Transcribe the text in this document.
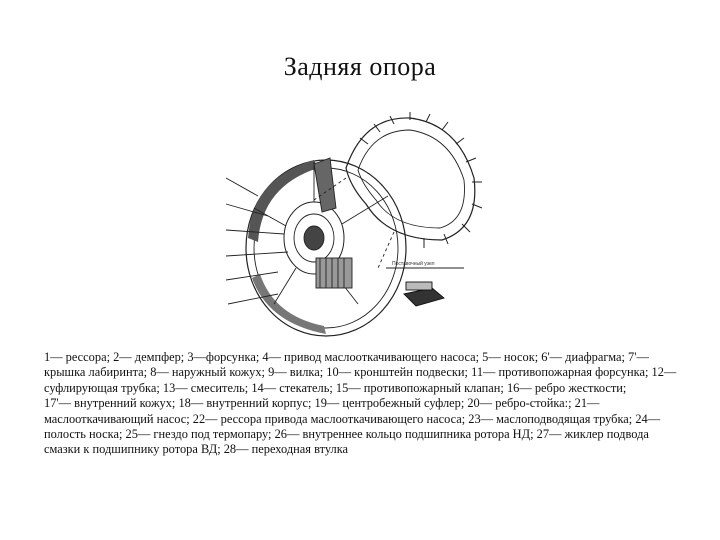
Задняя опора
Поставочный узел

1— рессора; 2— демпфер; 3—форсунка; 4— привод маслооткачивающего насоса; 5— носок; 6'— диафрагма; 7'— крышка лабиринта; 8— наружный кожух; 9— вилка; 10— кронштейн подвески; 11— противопожарная форсунка; 12— суфлирующая трубка; 13— смеситель; 14— стекатель; 15— противопожарный клапан; 16— ребро жесткости;

17'— внутренний кожух; 18— внутренний корпус; 19— центробежный суфлер; 20— ребро-стойка:; 21— маслооткачивающий насос; 22— рессора привода маслооткачивающего насоса; 23— маслоподводящая трубка; 24— полость носка; 25— гнездо под термопару; 26— внутреннее кольцо подшипника ротора НД; 27— жиклер подвода смазки к подшипнику ротора ВД; 28— переходная втулка
